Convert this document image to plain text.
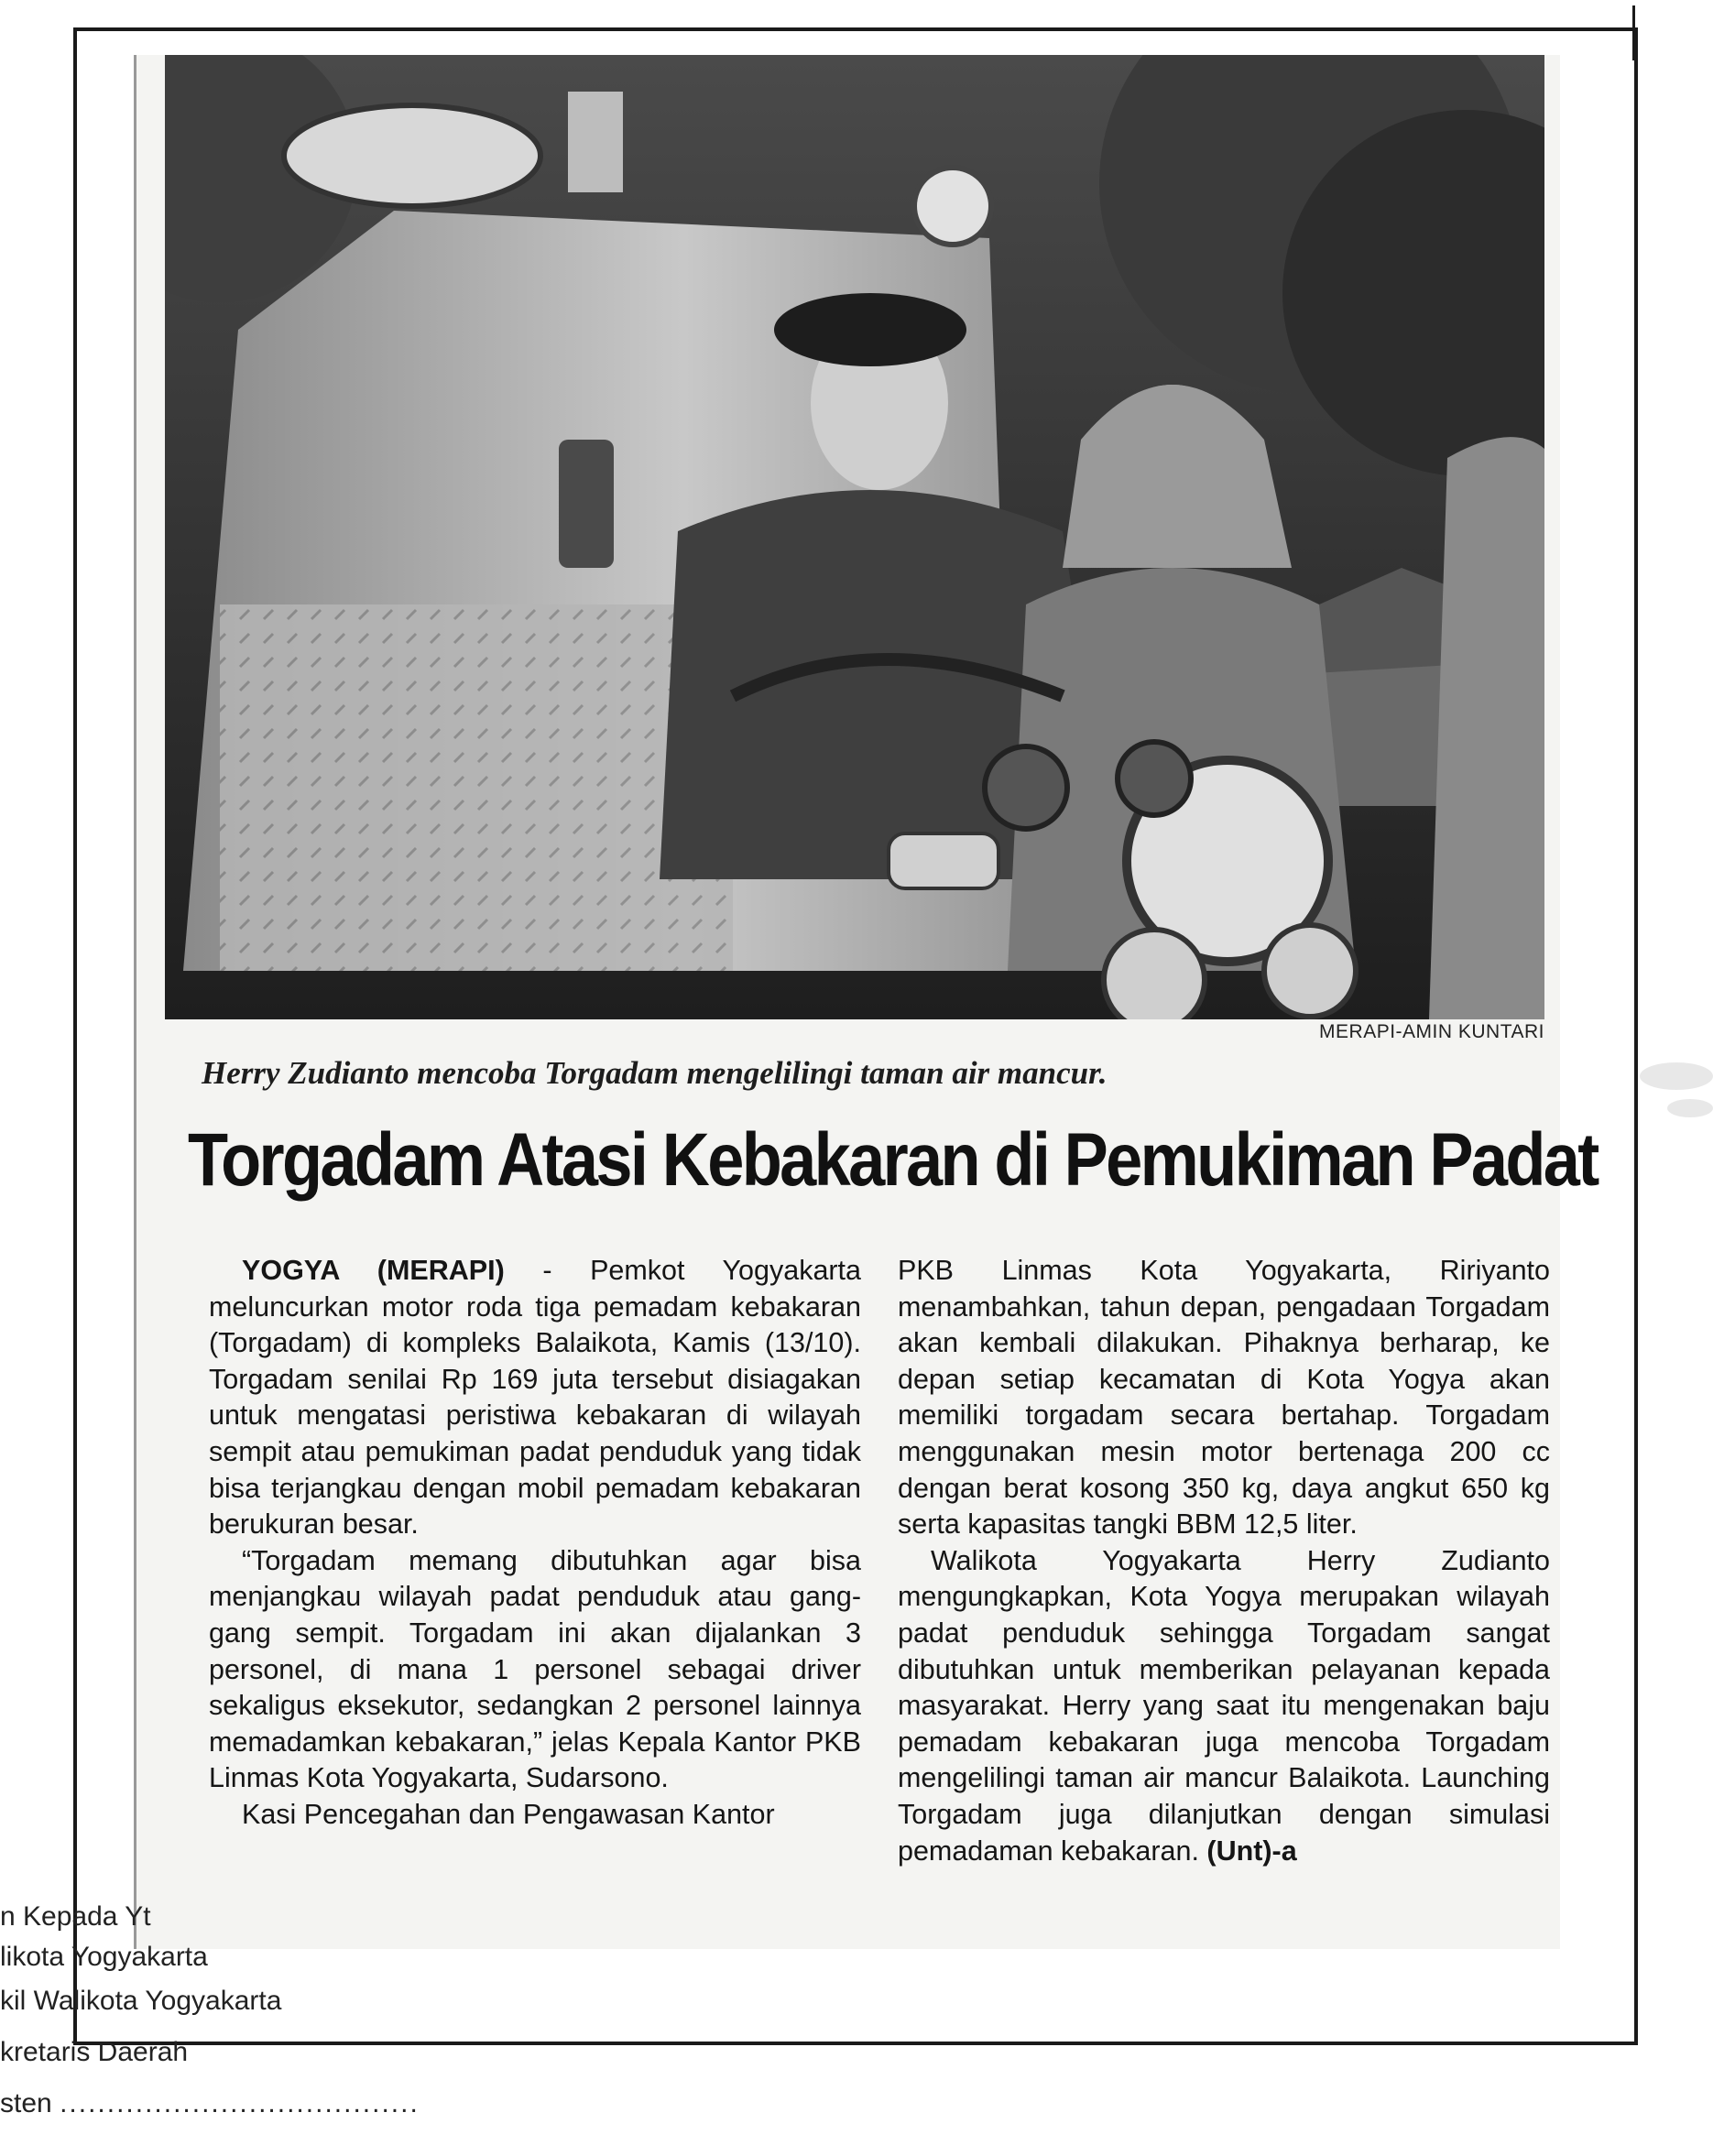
MERAPI-AMIN KUNTARI
Herry Zudianto mencoba Torgadam mengelilingi taman air mancur.
Torgadam Atasi Kebakaran di Pemukiman Padat

YOGYA (MERAPI) - Pemkot Yogyakarta meluncurkan motor roda tiga pemadam kebakaran (Torgadam) di kompleks Balaikota, Kamis (13/10). Torgadam senilai Rp 169 juta tersebut disiagakan untuk mengatasi peristiwa kebakaran di wilayah sempit atau pemukiman padat penduduk yang tidak bisa terjangkau dengan mobil pemadam kebakaran berukuran besar.

“Torgadam memang dibutuhkan agar bisa menjangkau wilayah padat penduduk atau gang-gang sempit. Torgadam ini akan dijalankan 3 personel, di mana 1 personel sebagai driver sekaligus eksekutor, sedangkan 2 personel lainnya memadamkan kebakaran,” jelas Kepala Kantor PKB Linmas Kota Yogyakarta, Sudarsono.

Kasi Pencegahan dan Pengawasan Kantor

PKB Linmas Kota Yogyakarta, Ririyanto menambahkan, tahun depan, pengadaan Torgadam akan kembali dilakukan. Pihaknya berharap, ke depan setiap kecamatan di Kota Yogya akan memiliki torgadam secara bertahap. Torgadam menggunakan mesin motor bertenaga 200 cc dengan berat kosong 350 kg, daya angkut 650 kg serta kapasitas tangki BBM 12,5 liter.

Walikota Yogyakarta Herry Zudianto mengungkapkan, Kota Yogya merupakan wilayah padat penduduk sehingga Torgadam sangat dibutuhkan untuk memberikan pelayanan kepada masyarakat. Herry yang saat itu mengenakan baju pemadam kebakaran juga mencoba Torgadam mengelilingi taman air mancur Balaikota. Launching Torgadam juga dilanjutkan dengan simulasi pemadaman kebakaran. (Unt)-a

n Kepada Yt
likota Yogyakarta
kil Walikota Yogyakarta
kretaris Daerah
sten ......................................
